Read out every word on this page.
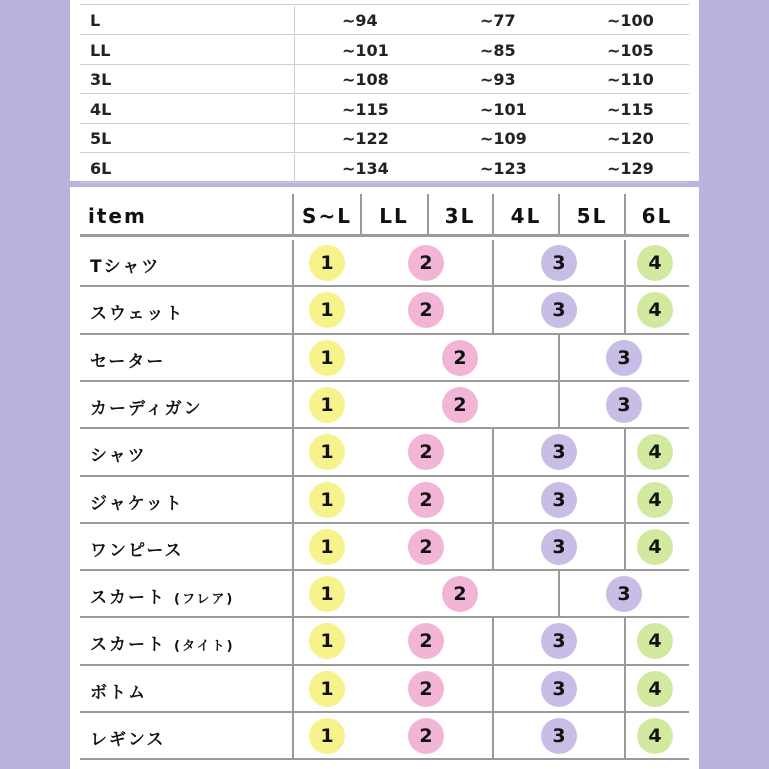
L	~94	~77	~100
LL	~101	~85	~105
3L	~108	~93	~110
4L	~115	~101	~115
5L	~122	~109	~120
6L	~134	~123	~129
item	S~L	LL	3L	4L	5L	6L
Tシャツ	1	2	3	4
スウェット	1	2	3	4
セーター	1	2	3
カーディガン	1	2	3
シャツ	1	2	3	4
ジャケット	1	2	3	4
ワンピース	1	2	3	4
スカート (フレア)	1	2	3
スカート (タイト)	1	2	3	4
ボトム	1	2	3	4
レギンス	1	2	3	4
